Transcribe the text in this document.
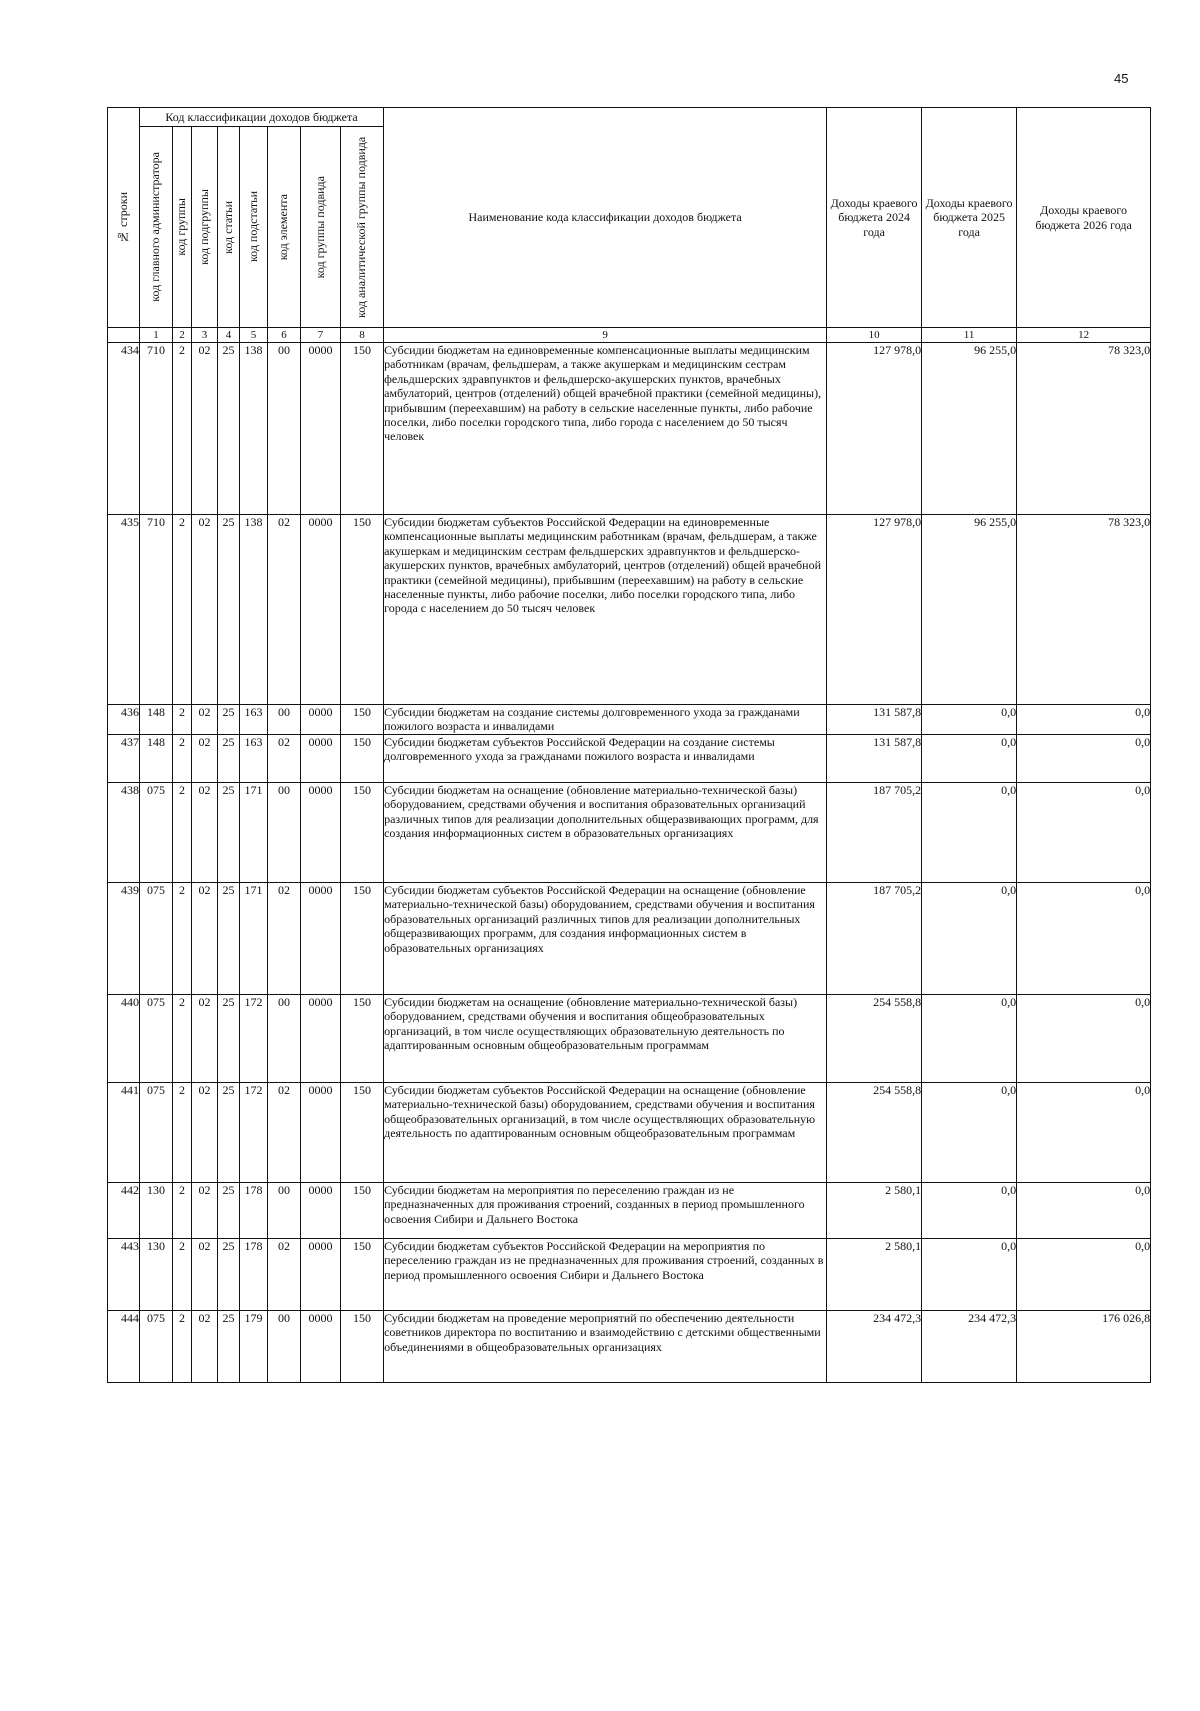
45
№ строки	Код классификации доходов бюджета								Наименование кода классификации доходов бюджета	Доходы краевого бюджета 2024 года	Доходы краевого бюджета 2025 года	Доходы краевого бюджета 2026 года

	код главного администратора	код группы	код подгруппы	код статьи	код подстатьи	код элемента	код группы подвида	код аналитической группы подвида				

	1	2	3	4	5	6	7	8	9	10	11	12
434	710	2	02	25	138	00	0000	150	Субсидии бюджетам на единовременные компенсационные выплаты медицинским работникам (врачам, фельдшерам, а также акушеркам и медицинским сестрам фельдшерских здравпунктов и фельдшерско-акушерских пунктов, врачебных амбулаторий, центров (отделений) общей врачебной практики (семейной медицины), прибывшим (переехавшим) на работу в сельские населенные пункты, либо рабочие поселки, либо поселки городского типа, либо города с населением до 50 тысяч человек	127 978,0	96 255,0	78 323,0
435	710	2	02	25	138	02	0000	150	Субсидии бюджетам субъектов Российской Федерации на единовременные компенсационные выплаты медицинским работникам (врачам, фельдшерам, а также акушеркам и медицинским сестрам фельдшерских здравпунктов и фельдшерско-акушерских пунктов, врачебных амбулаторий, центров (отделений) общей врачебной практики (семейной медицины), прибывшим (переехавшим) на работу в сельские населенные пункты, либо рабочие поселки, либо поселки городского типа, либо города с населением до 50 тысяч человек	127 978,0	96 255,0	78 323,0
436	148	2	02	25	163	00	0000	150	Субсидии бюджетам на создание системы долговременного ухода за гражданами пожилого возраста и инвалидами	131 587,8	0,0	0,0
437	148	2	02	25	163	02	0000	150	Субсидии бюджетам субъектов Российской Федерации на создание системы долговременного ухода за гражданами пожилого возраста и инвалидами	131 587,8	0,0	0,0
438	075	2	02	25	171	00	0000	150	Субсидии бюджетам на оснащение (обновление материально-технической базы) оборудованием, средствами обучения и воспитания образовательных организаций различных типов для реализации дополнительных общеразвивающих программ, для создания информационных систем в образовательных организациях	187 705,2	0,0	0,0
439	075	2	02	25	171	02	0000	150	Субсидии бюджетам субъектов Российской Федерации на оснащение (обновление материально-технической базы) оборудованием, средствами обучения и воспитания образовательных организаций различных типов для реализации дополнительных общеразвивающих программ, для создания информационных систем в образовательных организациях	187 705,2	0,0	0,0
440	075	2	02	25	172	00	0000	150	Субсидии бюджетам на оснащение (обновление материально-технической базы) оборудованием, средствами обучения и воспитания общеобразовательных организаций, в том числе осуществляющих образовательную деятельность по адаптированным основным общеобразовательным программам	254 558,8	0,0	0,0
441	075	2	02	25	172	02	0000	150	Субсидии бюджетам субъектов Российской Федерации на оснащение (обновление материально-технической базы) оборудованием, средствами обучения и воспитания общеобразовательных организаций, в том числе осуществляющих образовательную деятельность по адаптированным основным общеобразовательным программам	254 558,8	0,0	0,0
442	130	2	02	25	178	00	0000	150	Субсидии бюджетам на мероприятия по переселению граждан из не предназначенных для проживания строений, созданных в период промышленного освоения Сибири и Дальнего Востока	2 580,1	0,0	0,0
443	130	2	02	25	178	02	0000	150	Субсидии бюджетам субъектов Российской Федерации на мероприятия по переселению граждан из не предназначенных для проживания строений, созданных в период промышленного освоения Сибири и Дальнего Востока	2 580,1	0,0	0,0
444	075	2	02	25	179	00	0000	150	Субсидии бюджетам на проведение мероприятий по обеспечению деятельности советников директора по воспитанию и взаимодействию с детскими общественными объединениями в общеобразовательных организациях	234 472,3	234 472,3	176 026,8
